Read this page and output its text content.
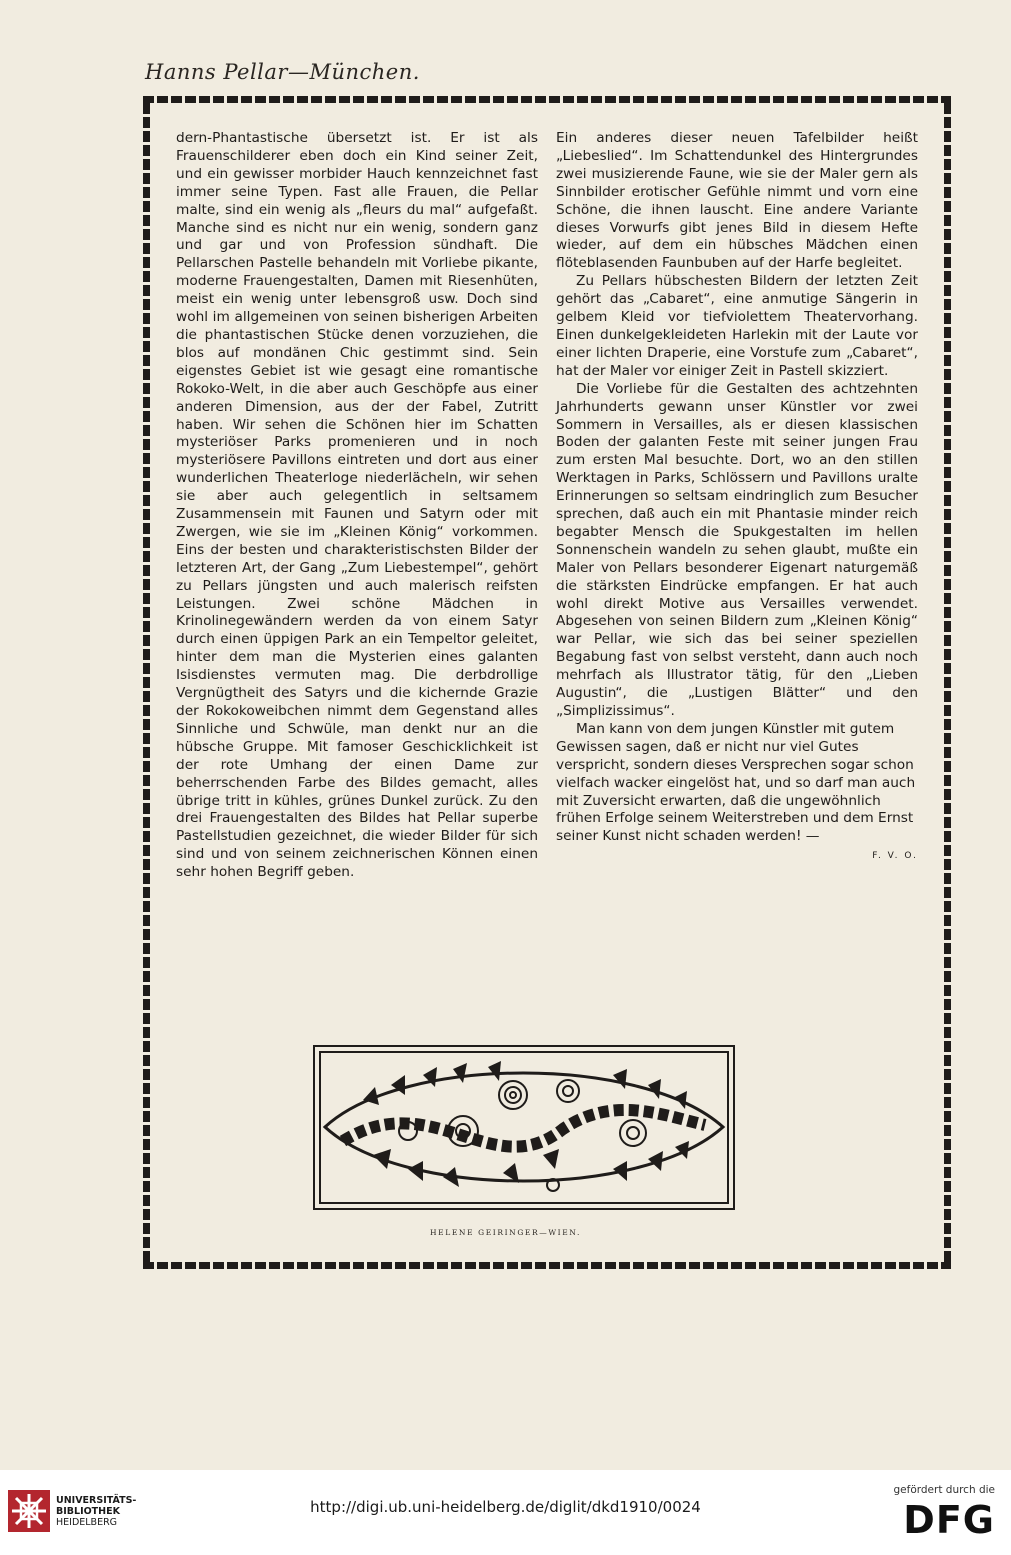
Hanns Pellar—München.

dern-Phantastische übersetzt ist. Er ist als Frauenschilderer eben doch ein Kind seiner Zeit, und ein gewisser morbider Hauch kennzeichnet fast immer seine Typen. Fast alle Frauen, die Pellar malte, sind ein wenig als „fleurs du mal“ aufgefaßt. Manche sind es nicht nur ein wenig, sondern ganz und gar und von Profession sündhaft. Die Pellarschen Pastelle behandeln mit Vorliebe pikante, moderne Frauengestalten, Damen mit Riesenhüten, meist ein wenig unter lebensgroß usw. Doch sind wohl im allgemeinen von seinen bisherigen Arbeiten die phantastischen Stücke denen vorzuziehen, die blos auf mondänen Chic gestimmt sind. Sein eigenstes Gebiet ist wie gesagt eine romantische Rokoko-Welt, in die aber auch Geschöpfe aus einer anderen Dimension, aus der der Fabel, Zutritt haben. Wir sehen die Schönen hier im Schatten mysteriöser Parks promenieren und in noch mysteriösere Pavillons eintreten und dort aus einer wunderlichen Theaterloge niederlächeln, wir sehen sie aber auch gelegentlich in seltsamem Zusammensein mit Faunen und Satyrn oder mit Zwergen, wie sie im „Kleinen König“ vorkommen. Eins der besten und charakteristischsten Bilder der letzteren Art, der Gang „Zum Liebestempel“, gehört zu Pellars jüngsten und auch malerisch reifsten Leistungen. Zwei schöne Mädchen in Krinolinegewändern werden da von einem Satyr durch einen üppigen Park an ein Tempeltor geleitet, hinter dem man die Mysterien eines galanten Isisdienstes vermuten mag. Die derbdrollige Vergnügtheit des Satyrs und die kichernde Grazie der Rokokoweibchen nimmt dem Gegenstand alles Sinnliche und Schwüle, man denkt nur an die hübsche Gruppe. Mit famoser Geschicklichkeit ist der rote Umhang der einen Dame zur beherrschenden Farbe des Bildes gemacht, alles übrige tritt in kühles, grünes Dunkel zurück. Zu den drei Frauengestalten des Bildes hat Pellar superbe Pastellstudien gezeichnet, die wieder Bilder für sich sind und von seinem zeichnerischen Können einen sehr hohen Begriff geben.

Ein anderes dieser neuen Tafelbilder heißt „Liebeslied“. Im Schattendunkel des Hintergrundes zwei musizierende Faune, wie sie der Maler gern als Sinnbilder erotischer Gefühle nimmt und vorn eine Schöne, die ihnen lauscht. Eine andere Variante dieses Vorwurfs gibt jenes Bild in diesem Hefte wieder, auf dem ein hübsches Mädchen einen flöteblasenden Faunbuben auf der Harfe begleitet.

Zu Pellars hübschesten Bildern der letzten Zeit gehört das „Cabaret“, eine anmutige Sängerin in gelbem Kleid vor tiefviolettem Theatervorhang. Einen dunkelgekleideten Harlekin mit der Laute vor einer lichten Draperie, eine Vorstufe zum „Cabaret“, hat der Maler vor einiger Zeit in Pastell skizziert.

Die Vorliebe für die Gestalten des achtzehnten Jahrhunderts gewann unser Künstler vor zwei Sommern in Versailles, als er diesen klassischen Boden der galanten Feste mit seiner jungen Frau zum ersten Mal besuchte. Dort, wo an den stillen Werktagen in Parks, Schlössern und Pavillons uralte Erinnerungen so seltsam eindringlich zum Besucher sprechen, daß auch ein mit Phantasie minder reich begabter Mensch die Spukgestalten im hellen Sonnenschein wandeln zu sehen glaubt, mußte ein Maler von Pellars besonderer Eigenart naturgemäß die stärksten Eindrücke empfangen. Er hat auch wohl direkt Motive aus Versailles verwendet. Abgesehen von seinen Bildern zum „Kleinen König“ war Pellar, wie sich das bei seiner speziellen Begabung fast von selbst versteht, dann auch noch mehrfach als Illustrator tätig, für den „Lieben Augustin“, die „Lustigen Blätter“ und den „Simplizissimus“.

Man kann von dem jungen Künstler mit gutem Gewissen sagen, daß er nicht nur viel Gutes verspricht, sondern dieses Versprechen sogar schon vielfach wacker eingelöst hat, und so darf man auch mit Zuversicht erwarten, daß die ungewöhnlich frühen Erfolge seinem Weiterstreben und dem Ernst seiner Kunst nicht schaden werden! —

F. V. O.
HELENE GEIRINGER—WIEN.
UNIVERSITÄTS-
BIBLIOTHEK
HEIDELBERG
http://digi.ub.uni-heidelberg.de/diglit/dkd1910/0024
gefördert durch die
DFG
